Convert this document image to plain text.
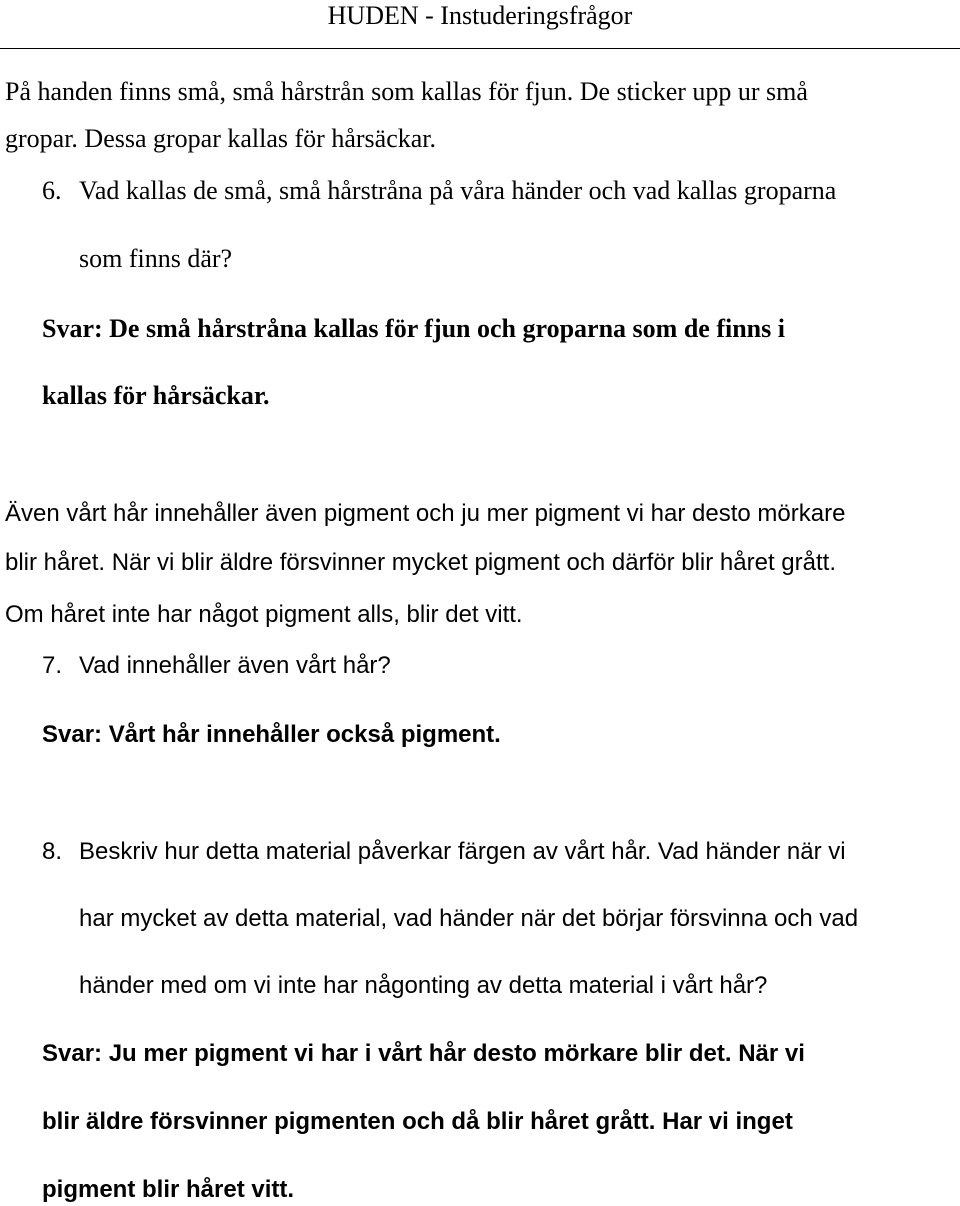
HUDEN - Instuderingsfrågor
På handen finns små, små hårstrån som kallas för fjun. De sticker upp ur små
gropar. Dessa gropar kallas för hårsäckar.
6. Vad kallas de små, små hårstråna på våra händer och vad kallas groparna
som finns där?
Svar: De små hårstråna kallas för fjun och groparna som de finns i
kallas för hårsäckar.
Även vårt hår innehåller även pigment och ju mer pigment vi har desto mörkare
blir håret. När vi blir äldre försvinner mycket pigment och därför blir håret grått.
Om håret inte har något pigment alls, blir det vitt.
7. Vad innehåller även vårt hår?
Svar: Vårt hår innehåller också pigment.
8. Beskriv hur detta material påverkar färgen av vårt hår. Vad händer när vi
har mycket av detta material, vad händer när det börjar försvinna och vad
händer med om vi inte har någonting av detta material i vårt hår?
Svar: Ju mer pigment vi har i vårt hår desto mörkare blir det. När vi
blir äldre försvinner pigmenten och då blir håret grått. Har vi inget
pigment blir håret vitt.
